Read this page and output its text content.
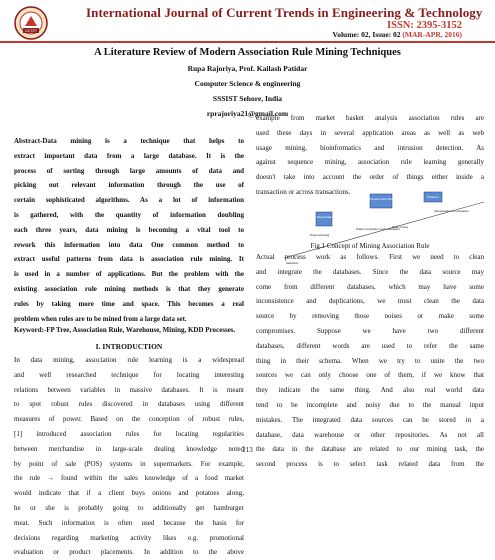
IJCTET
International Journal of Current Trends in Engineering & Technology
ISSN: 2395-3152
Volume: 02, Issue: 02 (MAR-APR, 2016)
A Literature Review of Modern Association Rule Mining Techniques
Rupa Rajoriya, Prof. Kailash Patidar
Computer Science & engineering
SSSIST Sehore, India
rprajoriya21@gmail.com
Abstract-Data mining is a technique that helps to
extract important data from a large database. It is the
process of sorting through large amounts of data and
picking out relevant information through the use of
certain sophisticated algorithms. As a lot of information
is gathered, with the quantity of information doubling
each three years, data mining is becoming a vital tool to
rework this information into data One common method to
extract useful patterns from data is association rule mining. It
is used in a number of applications. But the problem with the
existing association rule mining methods is that they generate
rules by taking more time and space. This becomes a real
problem when rules are to be mined from a large data set.
Keyword:-FP Tree, Association Rule, Warehouse, Mining, KDD Processes.
I. INTRODUCTION
In data mining, association rule learning is a widespread
and well researched technique for locating interesting
relations between variables in massive databases. It is meant
to spot robust rules discovered in databases using different
measures of power. Based on the conception of robust rules,
[1] introduced association rules for locating regularities
between merchandise in large-scale dealing knowledge noted
by point of sale (POS) systems in supermarkets. For example,
the rule → found within the sales knowledge of a food market
would indicate that if a client buys onions and potatoes along,
he or she is probably going to additionally get hamburger
meat. Such information is often used because the basis for
decisions regarding marketing activity likes e.g. promotional
evaluation or product placements. In addition to the above
example from market basket analysis association rules are
used these days in several application areas as well as web
usage mining, bioinformatics and intrusion detection. As
against sequence mining, association rule learning generally
doesn't take into account the order of things either inside a
transaction or across transactions.
Target Data
Transformed Data	Patterns
Preprocessing
Pattern extraction and evaluation
Data mining
Interpretation & evaluation
Selection
Fig.1 Concept of Mining Association Rule
Actual process work as follows. First we need to clean
and integrate the databases. Since the data source may
come from different databases, which may have some
inconsistence and duplications, we must clean the data
source by removing those noises or make some
compromises. Suppose we have two different
databases, different words are used to refer the same
thing in their schema. When we try to unite the two
sources we can only choose one of them, if we know that
they indicate the same thing. And also real world data
tend to be incomplete and noisy due to the manual input
mistakes. The integrated data sources can be stored in a
database, data warehouse or other repositories. As not all
the data in the database are related to our mining task, the
second process is to select task related data from the
213
